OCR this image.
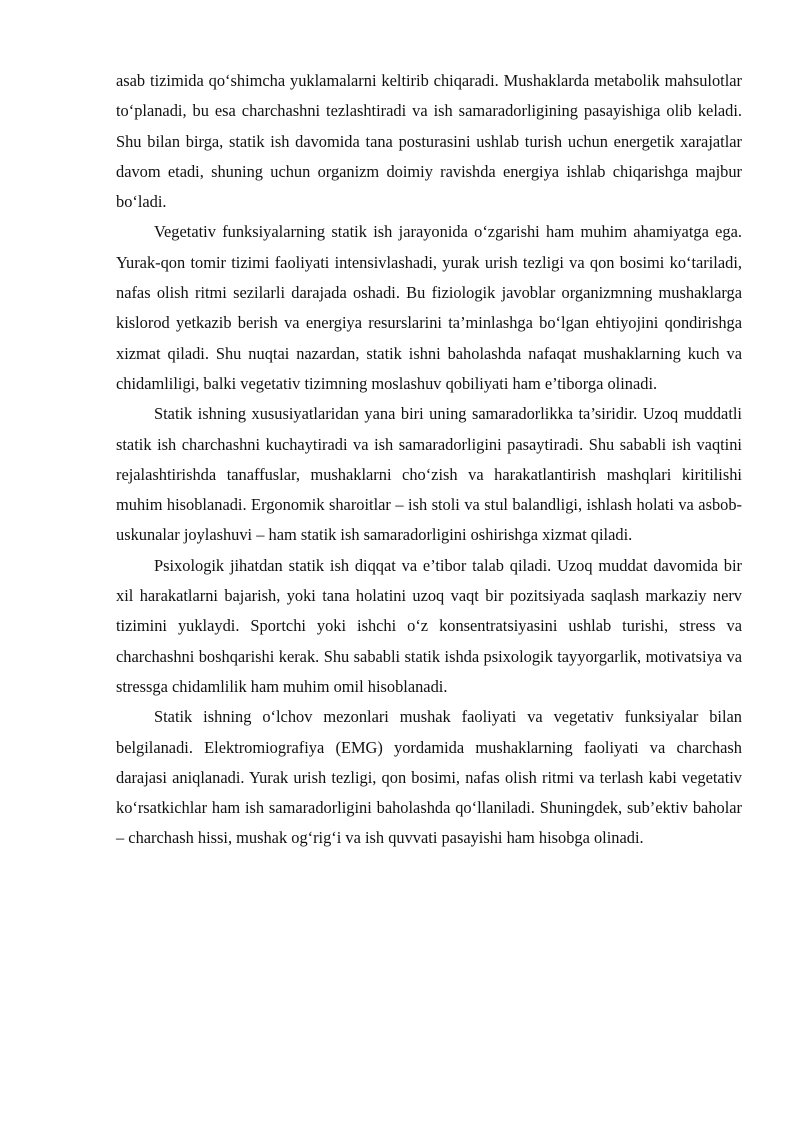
asab tizimida qo‘shimcha yuklamalarni keltirib chiqaradi. Mushaklarda metabolik mahsulotlar to‘planadi, bu esa charchashni tezlashtiradi va ish samaradorligining pasayishiga olib keladi. Shu bilan birga, statik ish davomida tana posturasini ushlab turish uchun energetik xarajatlar davom etadi, shuning uchun organizm doimiy ravishda energiya ishlab chiqarishga majbur bo‘ladi.

Vegetativ funksiyalarning statik ish jarayonida o‘zgarishi ham muhim ahamiyatga ega. Yurak-qon tomir tizimi faoliyati intensivlashadi, yurak urish tezligi va qon bosimi ko‘tariladi, nafas olish ritmi sezilarli darajada oshadi. Bu fiziologik javoblar organizmning mushaklarga kislorod yetkazib berish va energiya resurslarini ta’minlashga bo‘lgan ehtiyojini qondirishga xizmat qiladi. Shu nuqtai nazardan, statik ishni baholashda nafaqat mushaklarning kuch va chidamliligi, balki vegetativ tizimning moslashuv qobiliyati ham e’tiborga olinadi.

Statik ishning xususiyatlaridan yana biri uning samaradorlikka ta’siridir. Uzoq muddatli statik ish charchashni kuchaytiradi va ish samaradorligini pasaytiradi. Shu sababli ish vaqtini rejalashtirishda tanaffuslar, mushaklarni cho‘zish va harakatlantirish mashqlari kiritilishi muhim hisoblanadi. Ergonomik sharoitlar – ish stoli va stul balandligi, ishlash holati va asbob-uskunalar joylashuvi – ham statik ish samaradorligini oshirishga xizmat qiladi.

Psixologik jihatdan statik ish diqqat va e’tibor talab qiladi. Uzoq muddat davomida bir xil harakatlarni bajarish, yoki tana holatini uzoq vaqt bir pozitsiyada saqlash markaziy nerv tizimini yuklaydi. Sportchi yoki ishchi o‘z konsentratsiyasini ushlab turishi, stress va charchashni boshqarishi kerak. Shu sababli statik ishda psixologik tayyorgarlik, motivatsiya va stressga chidamlilik ham muhim omil hisoblanadi.

Statik ishning o‘lchov mezonlari mushak faoliyati va vegetativ funksiyalar bilan belgilanadi. Elektromiografiya (EMG) yordamida mushaklarning faoliyati va charchash darajasi aniqlanadi. Yurak urish tezligi, qon bosimi, nafas olish ritmi va terlash kabi vegetativ ko‘rsatkichlar ham ish samaradorligini baholashda qo‘llaniladi. Shuningdek, sub’ektiv baholar – charchash hissi, mushak og‘rig‘i va ish quvvati pasayishi ham hisobga olinadi.
